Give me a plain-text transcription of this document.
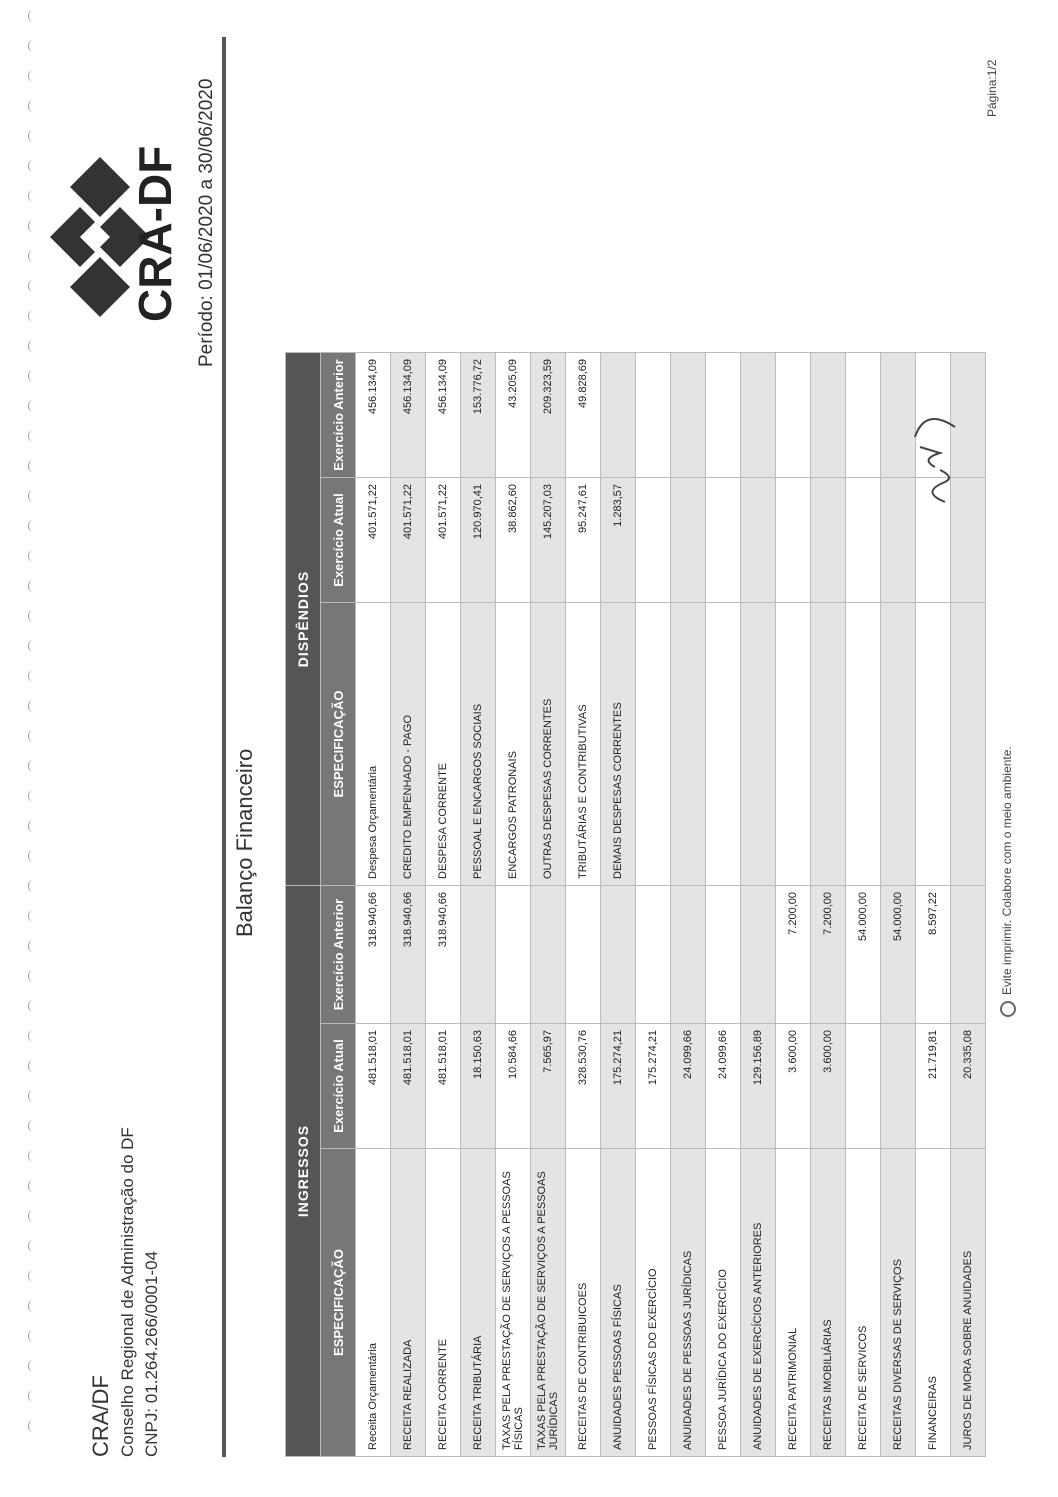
CRA/DF Conselho Regional de Administração do DF CNPJ: 01.264.266/0001-04
Balanço Financeiro
CRA-DF Período: 01/06/2020 a 30/06/2020
INGRESSOS			DISPÊNDIOS		
ESPECIFICAÇÃO	Exercício Atual	Exercício Anterior	ESPECIFICAÇÃO	Exercício Atual	Exercício Anterior
Receita Orçamentária	481.518,01	318.940,66	Despesa Orçamentária	401.571,22	456.134,09
RECEITA REALIZADA	481.518,01	318.940,66	CREDITO EMPENHADO - PAGO	401.571,22	456.134,09
RECEITA CORRENTE	481.518,01	318.940,66	DESPESA CORRENTE	401.571,22	456.134,09
RECEITA TRIBUTÁRIA	18.150,63		PESSOAL E ENCARGOS SOCIAIS	120.970,41	153.776,72
TAXAS PELA PRESTAÇÃO DE SERVIÇOS A PESSOAS FÍSICAS	10.584,66		ENCARGOS PATRONAIS	38.862,60	43.205,09
TAXAS PELA PRESTAÇÃO DE SERVIÇOS A PESSOAS JURÍDICAS	7.565,97		OUTRAS DESPESAS CORRENTES	145.207,03	209.323,59
RECEITAS DE CONTRIBUICOES	328.530,76		TRIBUTÁRIAS E CONTRIBUTIVAS	95.247,61	49.828,69
ANUIDADES PESSOAS FÍSICAS	175.274,21		DEMAIS DESPESAS CORRENTES	1.283,57	
PESSOAS FÍSICAS DO EXERCÍCIO	175.274,21				
ANUIDADES DE PESSOAS JURÍDICAS	24.099,66				
PESSOA JURÍDICA DO EXERCÍCIO	24.099,66				
ANUIDADES DE EXERCÍCIOS ANTERIORES	129.156,89				
RECEITA PATRIMONIAL	3.600,00	7.200,00			
RECEITAS IMOBILIÁRIAS	3.600,00	7.200,00			
RECEITA DE SERVICOS		54.000,00			
RECEITAS DIVERSAS DE SERVIÇOS		54.000,00			
FINANCEIRAS	21.719,81	8.597,22			
JUROS DE MORA SOBRE ANUIDADES	20.335,08				
Evite imprimir. Colabore com o meio ambiente.
Página:1/2
